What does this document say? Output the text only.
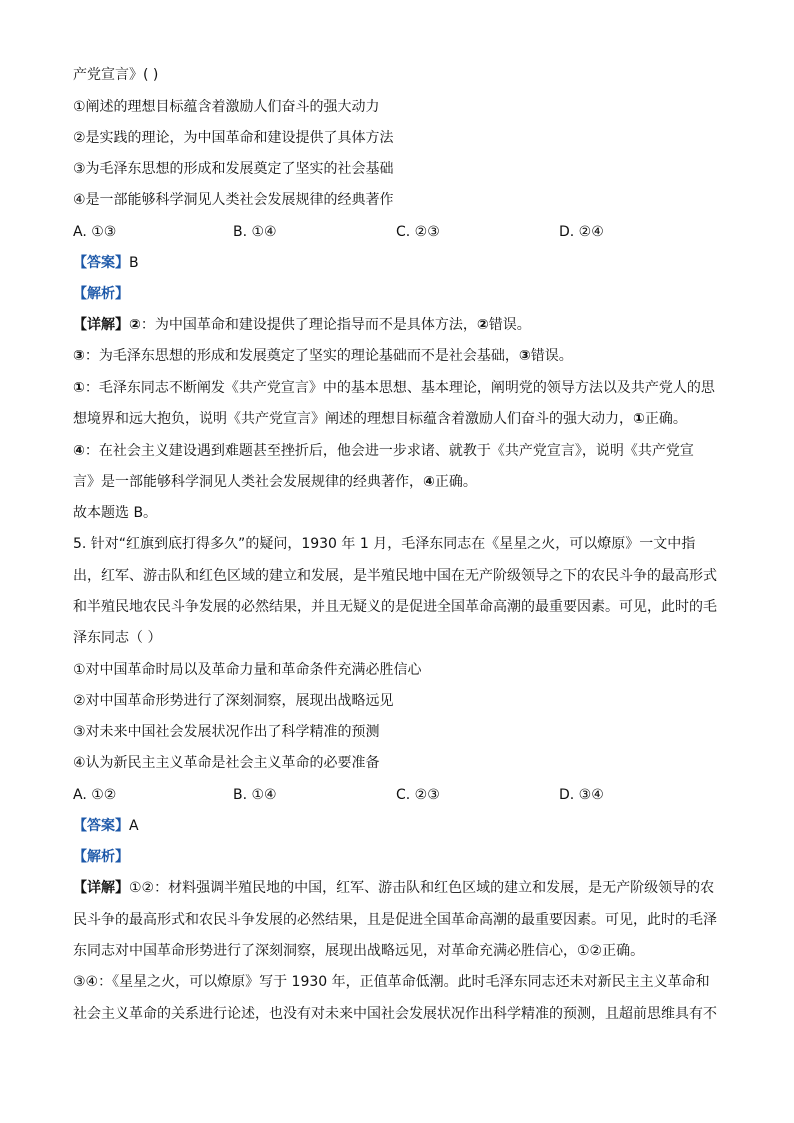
产党宣言》( )
①阐述的理想目标蕴含着激励人们奋斗的强大动力
②是实践的理论，为中国革命和建设提供了具体方法
③为毛泽东思想的形成和发展奠定了坚实的社会基础
④是一部能够科学洞见人类社会发展规律的经典著作
A. ①③	B. ①④	C. ②③	D. ②④
【答案】B
【解析】
【详解】②：为中国革命和建设提供了理论指导而不是具体方法，②错误。
③：为毛泽东思想的形成和发展奠定了坚实的理论基础而不是社会基础，③错误。
①：毛泽东同志不断阐发《共产党宣言》中的基本思想、基本理论，阐明党的领导方法以及共产党人的思
想境界和远大抱负，说明《共产党宣言》阐述的理想目标蕴含着激励人们奋斗的强大动力，①正确。
④：在社会主义建设遇到难题甚至挫折后，他会进一步求诸、就教于《共产党宣言》，说明《共产党宣
言》是一部能够科学洞见人类社会发展规律的经典著作，④正确。
故本题选 B。
5. 针对“红旗到底打得多久”的疑问，1930 年 1 月，毛泽东同志在《星星之火，可以燎原》一文中指
出，红军、游击队和红色区域的建立和发展，是半殖民地中国在无产阶级领导之下的农民斗争的最高形式
和半殖民地农民斗争发展的必然结果，并且无疑义的是促进全国革命高潮的最重要因素。可见，此时的毛
泽东同志（ ）
①对中国革命时局以及革命力量和革命条件充满必胜信心
②对中国革命形势进行了深刻洞察，展现出战略远见
③对未来中国社会发展状况作出了科学精准的预测
④认为新民主主义革命是社会主义革命的必要准备
A. ①②	B. ①④	C. ②③	D. ③④
【答案】A
【解析】
【详解】①②：材料强调半殖民地的中国，红军、游击队和红色区域的建立和发展，是无产阶级领导的农
民斗争的最高形式和农民斗争发展的必然结果，且是促进全国革命高潮的最重要因素。可见，此时的毛泽
东同志对中国革命形势进行了深刻洞察，展现出战略远见，对革命充满必胜信心，①②正确。
③④：《星星之火，可以燎原》写于 1930 年，正值革命低潮。此时毛泽东同志还未对新民主主义革命和
社会主义革命的关系进行论述，也没有对未来中国社会发展状况作出科学精准的预测，且超前思维具有不
